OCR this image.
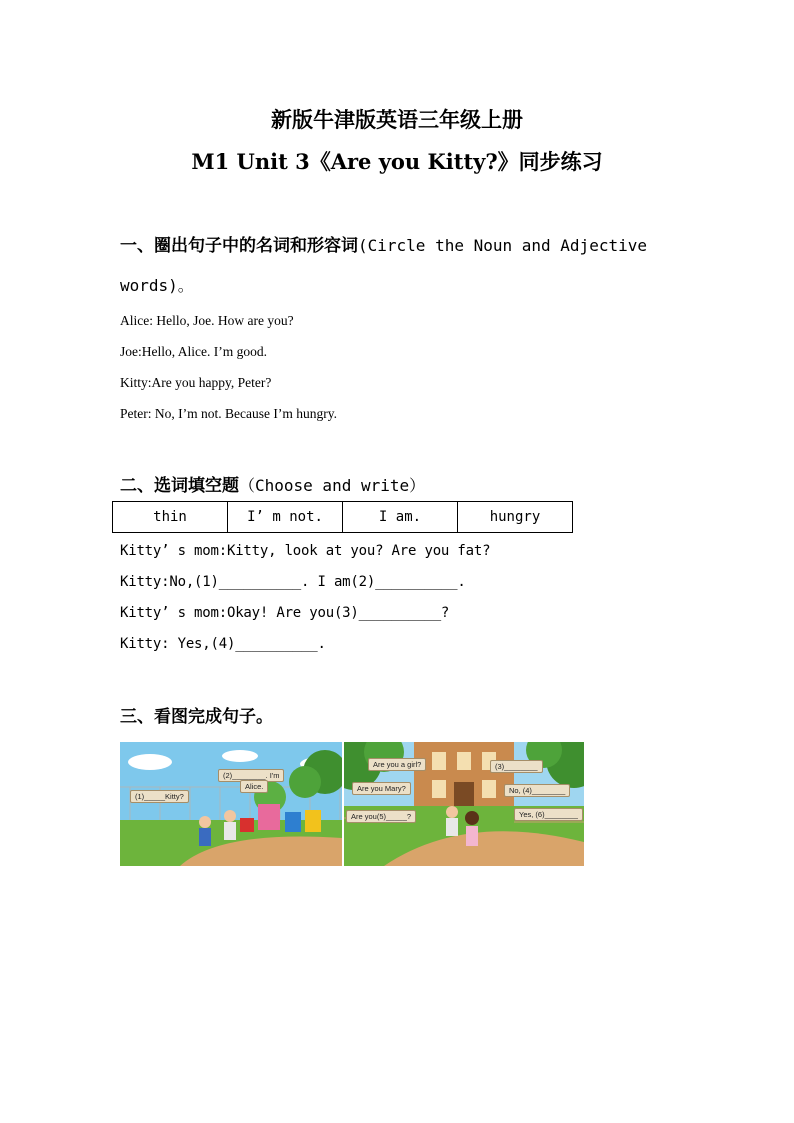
新版牛津版英语三年级上册
M1 Unit 3《Are you Kitty?》同步练习
一、圈出句子中的名词和形容词(Circle the Noun and Adjective
words)。
Alice: Hello, Joe. How are you?
Joe:Hello, Alice. I’m good.
Kitty:Are you happy, Peter?
Peter: No, I’m not. Because I’m hungry.
二、选词填空题（Choose and write）
thin	I’ m not.	I am.	hungry
Kitty’ s mom:Kitty, look at you? Are you fat?
Kitty:No,(1)__________. I am(2)__________.
Kitty’ s mom:Okay! Are you(3)__________?
Kitty: Yes,(4)__________.
三、看图完成句子。
(2)________. I'm
Alice.
(1)_____Kitty?
Are you a girl?	(3)________
Are you Mary?	No, (4)________
Are you(5)_____?	Yes, (6)________
